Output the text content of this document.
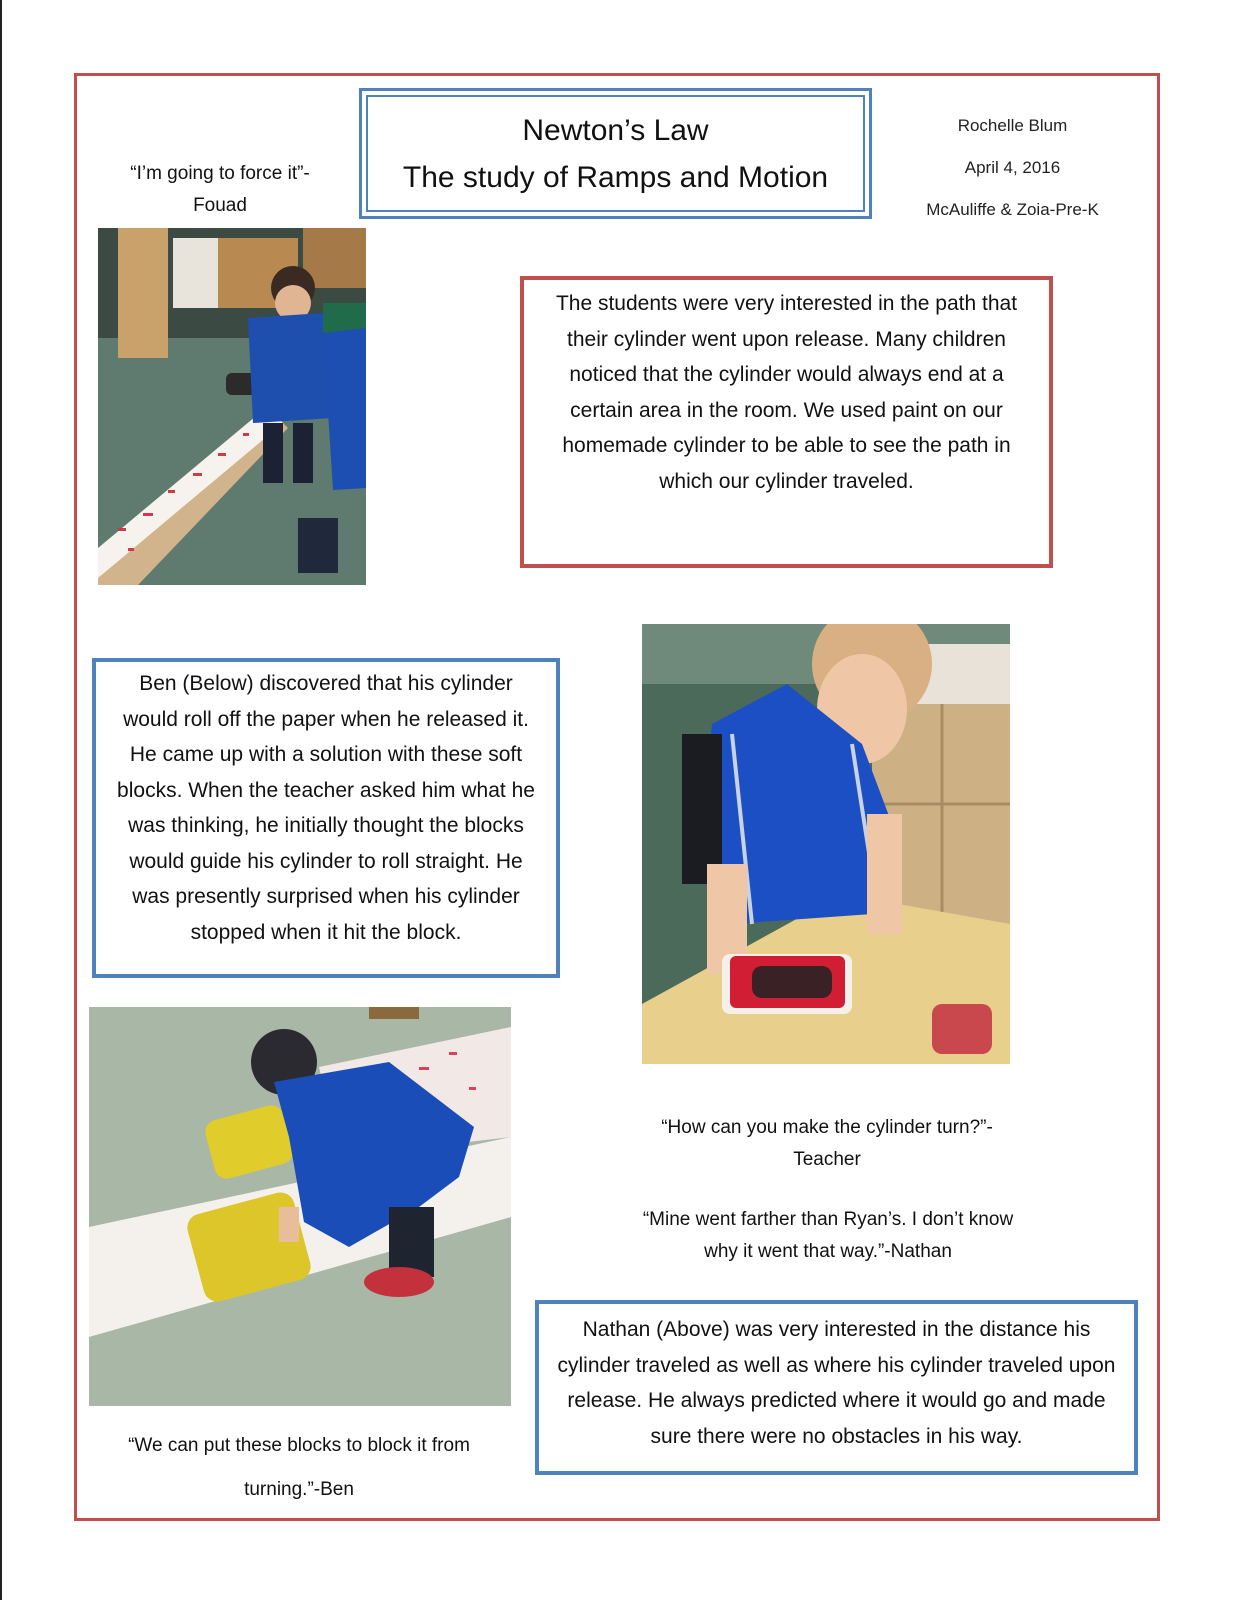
Newton’s Law
The study of Ramps and Motion
Rochelle Blum
April 4, 2016
McAuliffe & Zoia-Pre-K
“I’m going to force it”-
Fouad
The students were very interested in the path that their cylinder went upon release. Many children noticed that the cylinder would always end at a certain area in the room. We used paint on our homemade cylinder to be able to see the path in which our cylinder traveled.
Ben (Below) discovered that his cylinder would roll off the paper when he released it. He came up with a solution with these soft blocks. When the teacher asked him what he was thinking, he initially thought the blocks would guide his cylinder to roll straight. He was presently surprised when his cylinder stopped when it hit the block.
“How can you make the cylinder turn?”-
Teacher
“Mine went farther than Ryan’s. I don’t know
why it went that way.”-Nathan
“We can put these blocks to block it from
turning.”-Ben
Nathan (Above) was very interested in the distance his cylinder traveled as well as where his cylinder traveled upon release. He always predicted where it would go and made sure there were no obstacles in his way.
